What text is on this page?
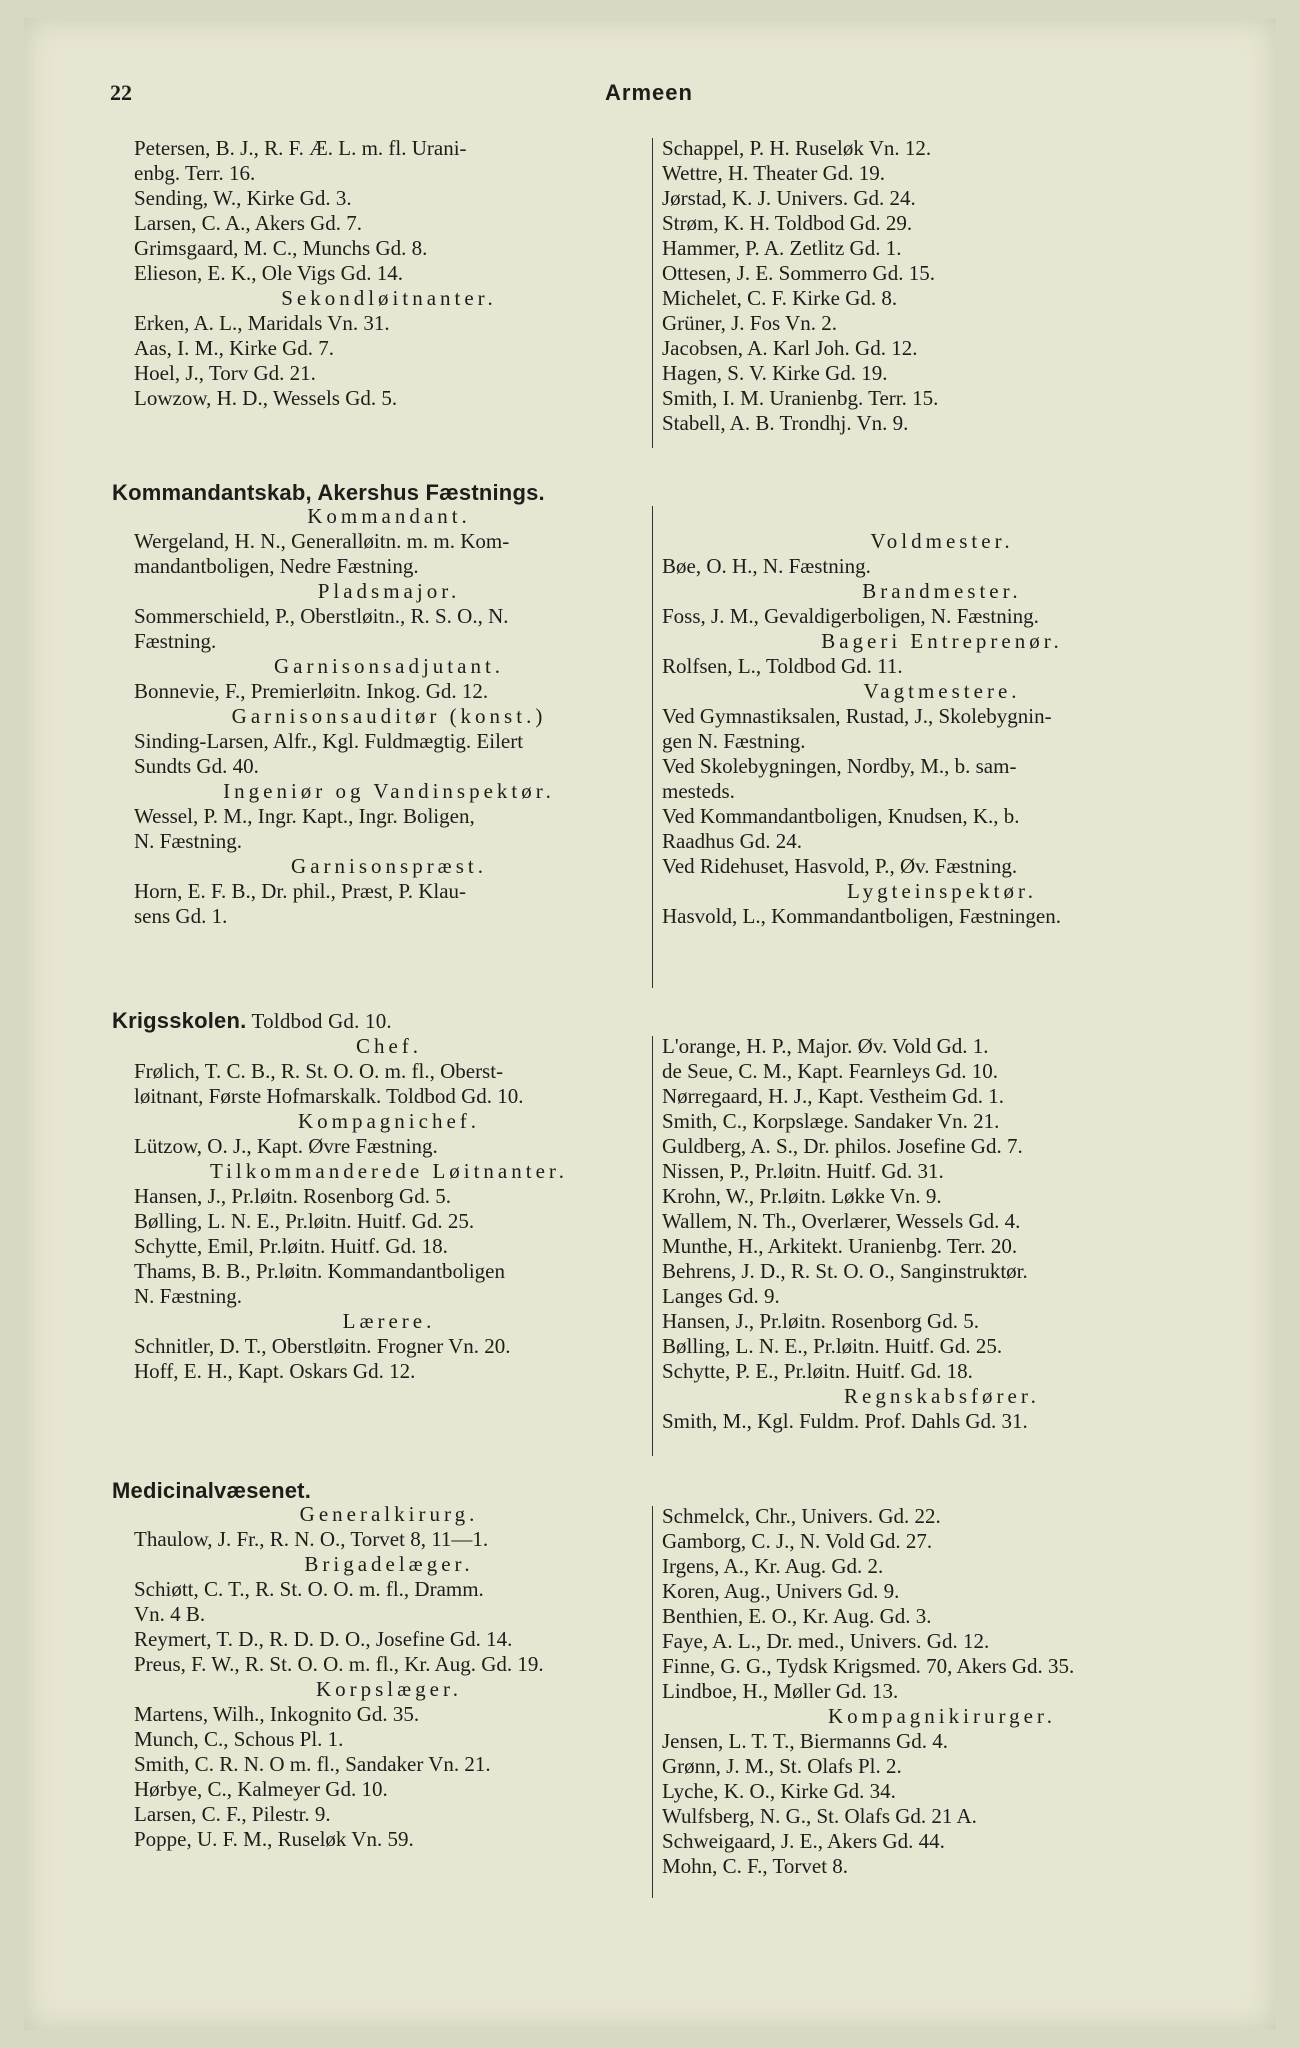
22	Armeen
Petersen, B. J., R. F. Æ. L. m. fl. Urani-
enbg. Terr. 16.
Sending, W., Kirke Gd. 3.
Larsen, C. A., Akers Gd. 7.
Grimsgaard, M. C., Munchs Gd. 8.
Elieson, E. K., Ole Vigs Gd. 14.
Sekondløitnanter.
Erken, A. L., Maridals Vn. 31.
Aas, I. M., Kirke Gd. 7.
Hoel, J., Torv Gd. 21.
Lowzow, H. D., Wessels Gd. 5.
Schappel, P. H. Ruseløk Vn. 12.
Wettre, H. Theater Gd. 19.
Jørstad, K. J. Univers. Gd. 24.
Strøm, K. H. Toldbod Gd. 29.
Hammer, P. A. Zetlitz Gd. 1.
Ottesen, J. E. Sommerro Gd. 15.
Michelet, C. F. Kirke Gd. 8.
Grüner, J. Fos Vn. 2.
Jacobsen, A. Karl Joh. Gd. 12.
Hagen, S. V. Kirke Gd. 19.
Smith, I. M. Uranienbg. Terr. 15.
Stabell, A. B. Trondhj. Vn. 9.
Kommandantskab, Akershus Fæstnings.
Kommandant.
Wergeland, H. N., Generalløitn. m. m. Kom-
mandantboligen, Nedre Fæstning.
Pladsmajor.
Sommerschield, P., Oberstløitn., R. S. O., N.
Fæstning.
Garnisonsadjutant.
Bonnevie, F., Premierløitn. Inkog. Gd. 12.
Garnisonsauditør (konst.)
Sinding-Larsen, Alfr., Kgl. Fuldmægtig. Eilert
Sundts Gd. 40.
Ingeniør og Vandinspektør.
Wessel, P. M., Ingr. Kapt., Ingr. Boligen,
N. Fæstning.
Garnisonspræst.
Horn, E. F. B., Dr. phil., Præst, P. Klau-
sens Gd. 1.

Voldmester.
Bøe, O. H., N. Fæstning.
Brandmester.
Foss, J. M., Gevaldigerboligen, N. Fæstning.
Bageri Entreprenør.
Rolfsen, L., Toldbod Gd. 11.
Vagtmestere.
Ved Gymnastiksalen, Rustad, J., Skolebygnin-
gen N. Fæstning.
Ved Skolebygningen, Nordby, M., b. sam-
mesteds.
Ved Kommandantboligen, Knudsen, K., b.
Raadhus Gd. 24.
Ved Ridehuset, Hasvold, P., Øv. Fæstning.
Lygteinspektør.
Hasvold, L., Kommandantboligen, Fæstningen.
Krigsskolen. Toldbod Gd. 10.
Chef.
Frølich, T. C. B., R. St. O. O. m. fl., Oberst-
løitnant, Første Hofmarskalk. Toldbod Gd. 10.
Kompagnichef.
Lützow, O. J., Kapt. Øvre Fæstning.
Tilkommanderede Løitnanter.
Hansen, J., Pr.løitn. Rosenborg Gd. 5.
Bølling, L. N. E., Pr.løitn. Huitf. Gd. 25.
Schytte, Emil, Pr.løitn. Huitf. Gd. 18.
Thams, B. B., Pr.løitn. Kommandantboligen
N. Fæstning.
Lærere.
Schnitler, D. T., Oberstløitn. Frogner Vn. 20.
Hoff, E. H., Kapt. Oskars Gd. 12.
L'orange, H. P., Major. Øv. Vold Gd. 1.
de Seue, C. M., Kapt. Fearnleys Gd. 10.
Nørregaard, H. J., Kapt. Vestheim Gd. 1.
Smith, C., Korpslæge. Sandaker Vn. 21.
Guldberg, A. S., Dr. philos. Josefine Gd. 7.
Nissen, P., Pr.løitn. Huitf. Gd. 31.
Krohn, W., Pr.løitn. Løkke Vn. 9.
Wallem, N. Th., Overlærer, Wessels Gd. 4.
Munthe, H., Arkitekt. Uranienbg. Terr. 20.
Behrens, J. D., R. St. O. O., Sanginstruktør.
Langes Gd. 9.
Hansen, J., Pr.løitn. Rosenborg Gd. 5.
Bølling, L. N. E., Pr.løitn. Huitf. Gd. 25.
Schytte, P. E., Pr.løitn. Huitf. Gd. 18.
Regnskabsfører.
Smith, M., Kgl. Fuldm. Prof. Dahls Gd. 31.
Medicinalvæsenet.
Generalkirurg.
Thaulow, J. Fr., R. N. O., Torvet 8, 11—1.
Brigadelæger.
Schiøtt, C. T., R. St. O. O. m. fl., Dramm.
Vn. 4 B.
Reymert, T. D., R. D. D. O., Josefine Gd. 14.
Preus, F. W., R. St. O. O. m. fl., Kr. Aug. Gd. 19.
Korpslæger.
Martens, Wilh., Inkognito Gd. 35.
Munch, C., Schous Pl. 1.
Smith, C. R. N. O m. fl., Sandaker Vn. 21.
Hørbye, C., Kalmeyer Gd. 10.
Larsen, C. F., Pilestr. 9.
Poppe, U. F. M., Ruseløk Vn. 59.
Schmelck, Chr., Univers. Gd. 22.
Gamborg, C. J., N. Vold Gd. 27.
Irgens, A., Kr. Aug. Gd. 2.
Koren, Aug., Univers Gd. 9.
Benthien, E. O., Kr. Aug. Gd. 3.
Faye, A. L., Dr. med., Univers. Gd. 12.
Finne, G. G., Tydsk Krigsmed. 70, Akers Gd. 35.
Lindboe, H., Møller Gd. 13.
Kompagnikirurger.
Jensen, L. T. T., Biermanns Gd. 4.
Grønn, J. M., St. Olafs Pl. 2.
Lyche, K. O., Kirke Gd. 34.
Wulfsberg, N. G., St. Olafs Gd. 21 A.
Schweigaard, J. E., Akers Gd. 44.
Mohn, C. F., Torvet 8.
